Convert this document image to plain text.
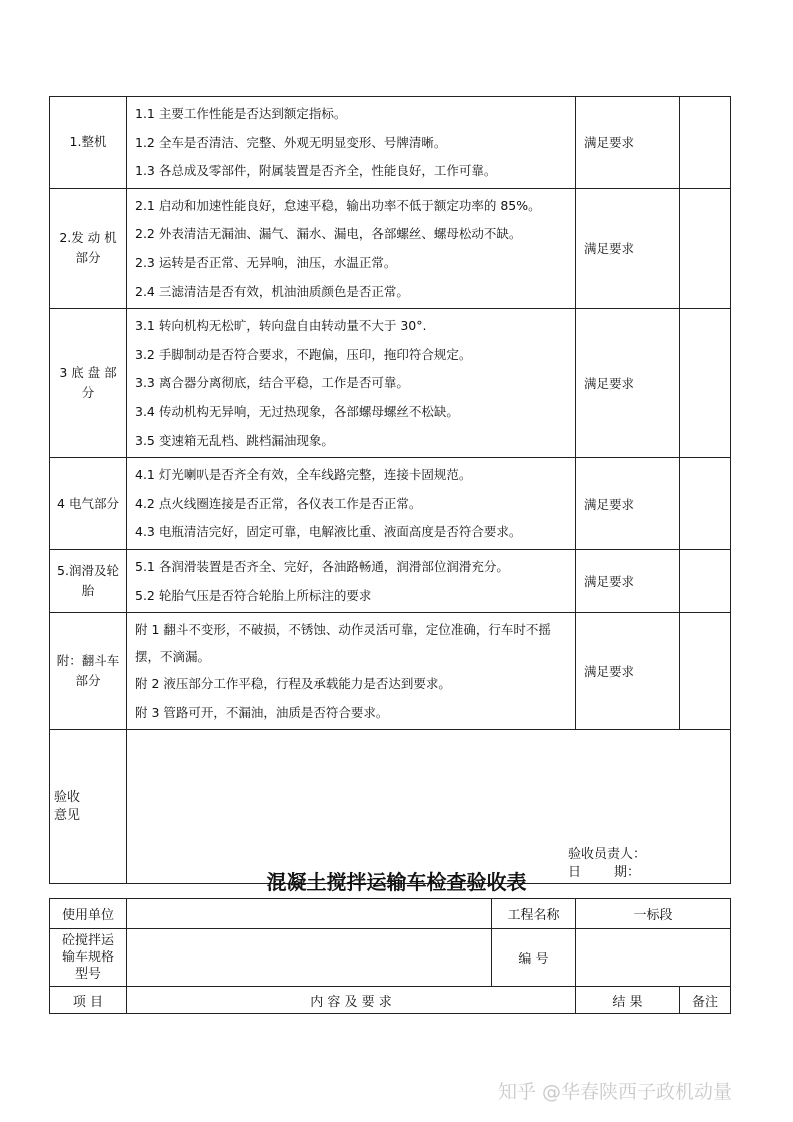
1.整机	1.1 主要工作性能是否达到额定指标。
1.2 全车是否清洁、完整、外观无明显变形、号牌清晰。
1.3 各总成及零部件，附属装置是否齐全，性能良好，工作可靠。	满足要求	
2.发 动 机部分	2.1 启动和加速性能良好，怠速平稳，输出功率不低于额定功率的 85%。
2.2 外表清洁无漏油、漏气、漏水、漏电，各部螺丝、螺母松动不缺。
2.3 运转是否正常、无异响，油压，水温正常。
2.4 三滤清洁是否有效，机油油质颜色是否正常。	满足要求	
3 底 盘 部分	3.1 转向机构无松旷，转向盘自由转动量不大于 30°.
3.2 手脚制动是否符合要求，不跑偏，压印，拖印符合规定。
3.3 离合器分离彻底，结合平稳，工作是否可靠。
3.4 传动机构无异响，无过热现象，各部螺母螺丝不松缺。
3.5 变速箱无乱档、跳档漏油现象。	满足要求	
4 电气部分	4.1 灯光喇叭是否齐全有效，全车线路完整，连接卡固规范。
4.2 点火线圈连接是否正常，各仪表工作是否正常。
4.3 电瓶清洁完好，固定可靠，电解液比重、液面高度是否符合要求。	满足要求	
5.润滑及轮胎	5.1 各润滑装置是否齐全、完好，各油路畅通，润滑部位润滑充分。
5.2 轮胎气压是否符合轮胎上所标注的要求	满足要求	
附：翻斗车部分	附 1 翻斗不变形，不破损，不锈蚀、动作灵活可靠，定位准确，行车时不摇摆，不滴漏。
附 2 液压部分工作平稳，行程及承载能力是否达到要求。
附 3 管路可开，不漏油，油质是否符合要求。	满足要求	

验收意见	验收员责人：
日        期：		
混凝土搅拌运输车检查验收表
使用单位		工程名称	一标段	

砼搅拌运输车规格型号		编 号		
项 目	内 容 及 要 求		结 果	备注
知乎 @华春陕西子政机动量
